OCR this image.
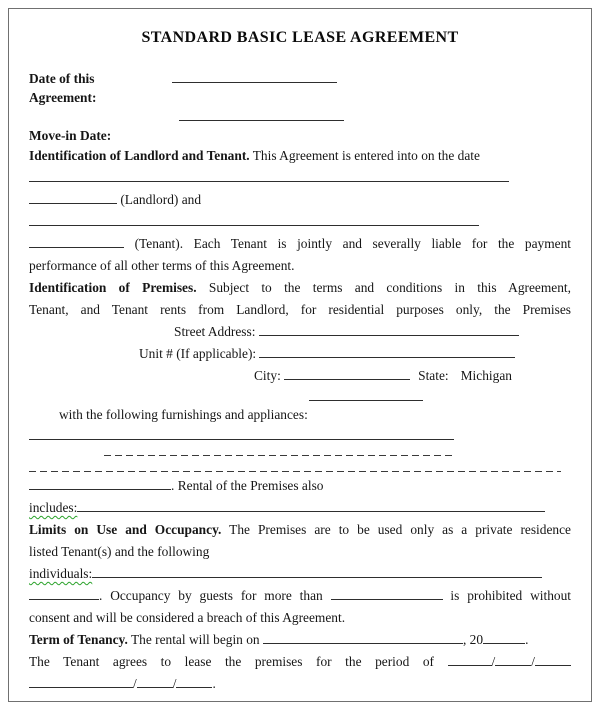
STANDARD BASIC LEASE AGREEMENT
Date of this
Agreement:
Move-in Date:
Identification of Landlord and Tenant. This Agreement is entered into on the date
(Landlord) and
(Tenant). Each Tenant is jointly and severally liable for the payment
performance of all other terms of this Agreement.
Identification of Premises. Subject to the terms and conditions in this Agreement,
Tenant, and Tenant rents from Landlord, for residential purposes only, the Premises
Street Address:
Unit # (If applicable):
City:	State: Michigan
with the following furnishings and appliances:
. Rental of the Premises also
includes:
Limits on Use and Occupancy. The Premises are to be used only as a private residence
listed Tenant(s) and the following
individuals:
. Occupancy by guests for more than	is prohibited without
consent and will be considered a breach of this Agreement.
Term of Tenancy. The rental will begin on	, 20	.
The Tenant agrees to lease the premises for the period of	/	/
/	/	.
